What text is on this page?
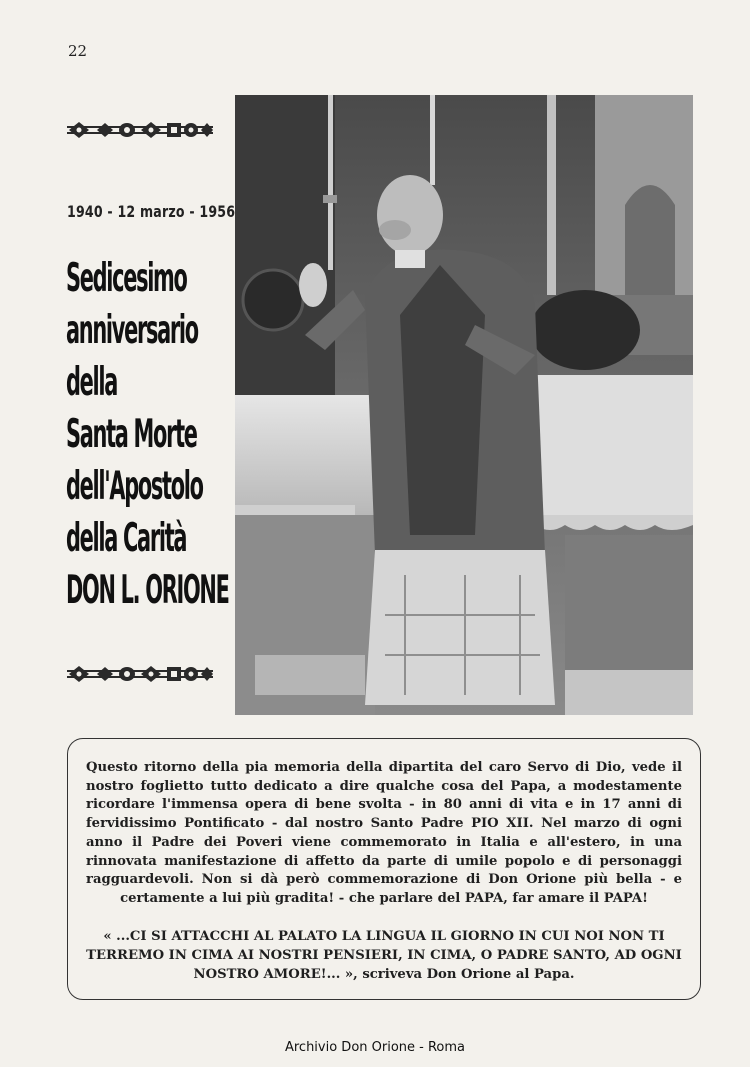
22
1940 - 12 marzo - 1956
Sedicesimo
anniversario
della
Santa Morte
dell'Apostolo
della Carità
DON L. ORIONE

Questo ritorno della pia memoria della dipartita del caro Servo di Dio, vede il nostro foglietto tutto dedicato a dire qualche cosa del Papa, a modestamente ricordare l'immensa opera di bene svolta - in 80 anni di vita e in 17 anni di fervidissimo Pontificato - dal nostro Santo Padre PIO XII. Nel marzo di ogni anno il Padre dei Poveri viene commemorato in Italia e all'estero, in una rinnovata manifestazione di affetto da parte di umile popolo e di personaggi ragguardevoli. Non si dà però commemorazione di Don Orione più bella - e certamente a lui più gradita! - che parlare del PAPA, far amare il PAPA!

« ...CI SI ATTACCHI AL PALATO LA LINGUA IL GIORNO IN CUI NOI NON TI TERREMO IN CIMA AI NOSTRI PENSIERI, IN CIMA, O PADRE SANTO, AD OGNI NOSTRO AMORE!... », scriveva Don Orione al Papa.

Archivio Don Orione - Roma
